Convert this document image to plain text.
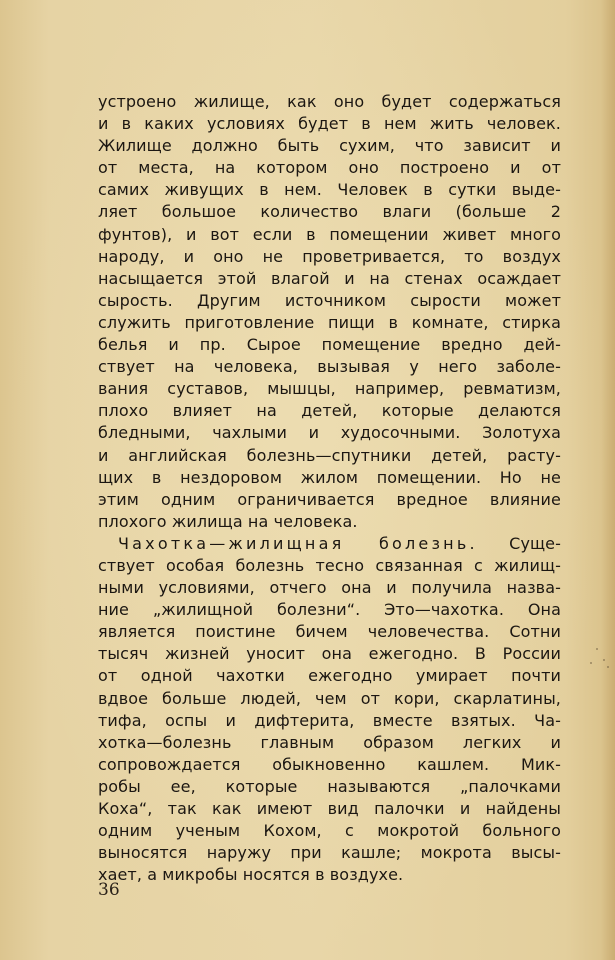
устроено жилище, как оно будет содержаться
и в каких условиях будет в нем жить человек.
Жилище должно быть сухим, что зависит и
от места, на котором оно построено и от
самих живущих в нем. Человек в сутки выде-
ляет большое количество влаги (больше 2
фунтов), и вот если в помещении живет много
народу, и оно не проветривается, то воздух
насыщается этой влагой и на стенах осаждает
сырость. Другим источником сырости может
служить приготовление пищи в комнате, стирка
белья и пр. Сырое помещение вредно дей-
ствует на человека, вызывая у него заболе-
вания суставов, мышцы, например, ревматизм,
плохо влияет на детей, которые делаются
бледными, чахлыми и худосочными. Золотуха
и английская болезнь—спутники детей, расту-
щих в нездоровом жилом помещении. Но не
этим одним ограничивается вредное влияние
плохого жилища на человека.
Чахотка—жилищная болезнь. Суще-
ствует особая болезнь тесно связанная с жилищ-
ными условиями, отчего она и получила назва-
ние „жилищной болезни“. Это—чахотка. Она
является поистине бичем человечества. Сотни
тысяч жизней уносит она ежегодно. В России
от одной чахотки ежегодно умирает почти
вдвое больше людей, чем от кори, скарлатины,
тифа, оспы и дифтерита, вместе взятых. Ча-
хотка—болезнь главным образом легких и
сопровождается обыкновенно кашлем. Мик-
робы ее, которые называются „палочками
Коха“, так как имеют вид палочки и найдены
одним ученым Кохом, с мокротой больного
выносятся наружу при кашле; мокрота высы-
хает, а микробы носятся в воздухе.
36
